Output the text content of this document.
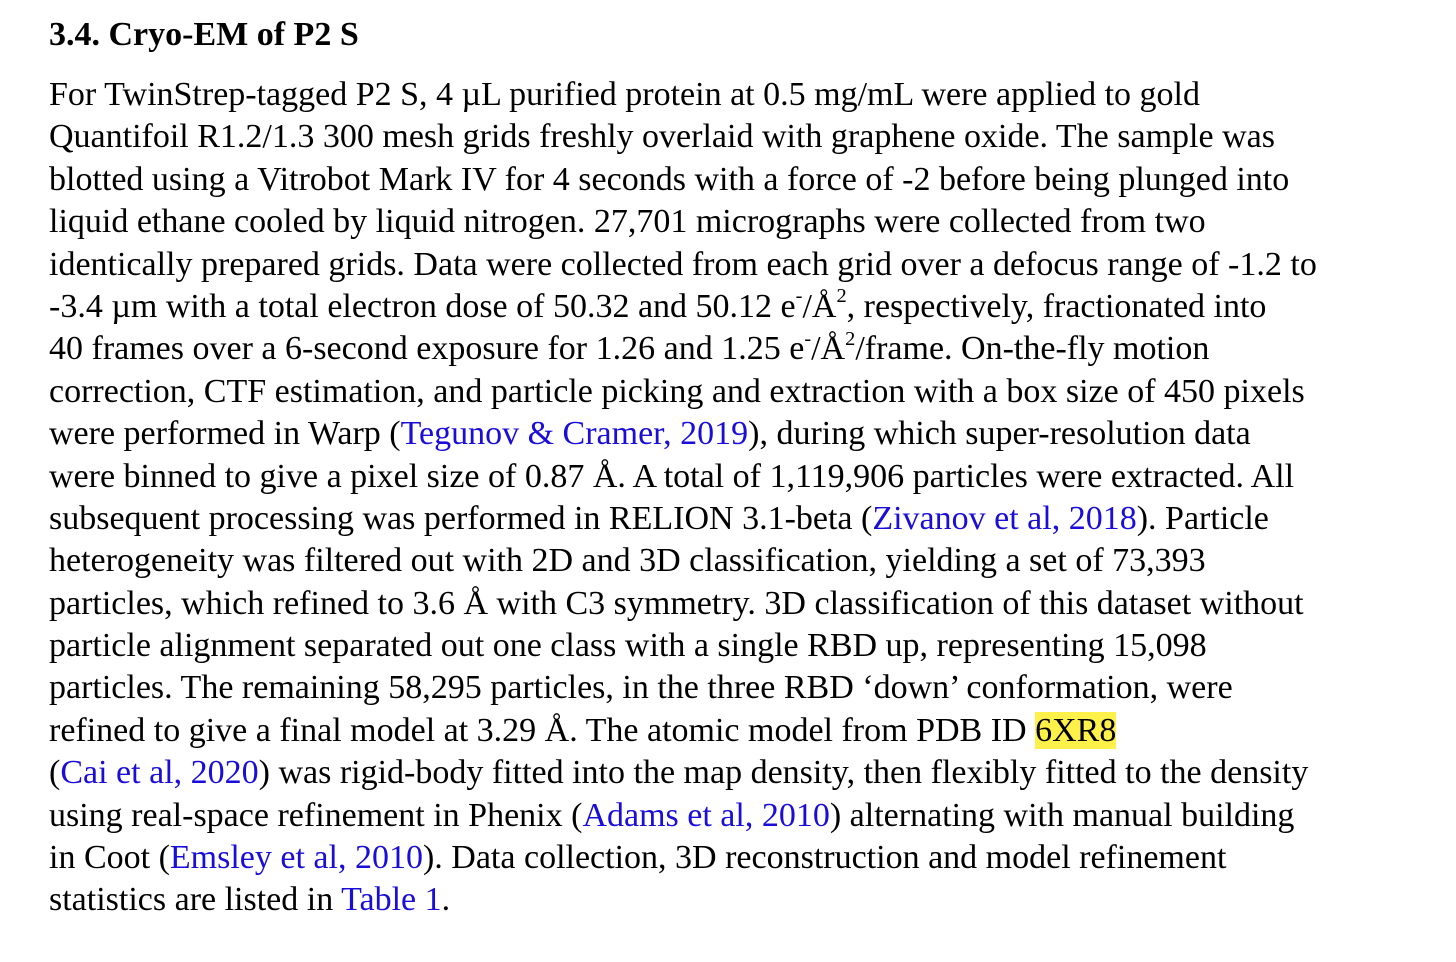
3.4. Cryo-EM of P2 S
For TwinStrep-tagged P2 S, 4 µL purified protein at 0.5 mg/mL were applied to gold
Quantifoil R1.2/1.3 300 mesh grids freshly overlaid with graphene oxide. The sample was
blotted using a Vitrobot Mark IV for 4 seconds with a force of -2 before being plunged into
liquid ethane cooled by liquid nitrogen. 27,701 micrographs were collected from two
identically prepared grids. Data were collected from each grid over a defocus range of -1.2 to
-3.4 µm with a total electron dose of 50.32 and 50.12 $e^-/Å^2$, respectively, fractionated into
40 frames over a 6-second exposure for 1.26 and 1.25 $e^-/Å^2$/frame. On-the-fly motion
correction, CTF estimation, and particle picking and extraction with a box size of 450 pixels
were performed in Warp (Tegunov & Cramer, 2019), during which super-resolution data
were binned to give a pixel size of 0.87 Å. A total of 1,119,906 particles were extracted. All
subsequent processing was performed in RELION 3.1-beta (Zivanov et al, 2018). Particle
heterogeneity was filtered out with 2D and 3D classification, yielding a set of 73,393
particles, which refined to 3.6 Å with C3 symmetry. 3D classification of this dataset without
particle alignment separated out one class with a single RBD up, representing 15,098
particles. The remaining 58,295 particles, in the three RBD ‘down’ conformation, were
refined to give a final model at 3.29 Å. The atomic model from PDB ID 6XR8
(Cai et al, 2020) was rigid-body fitted into the map density, then flexibly fitted to the density
using real-space refinement in Phenix (Adams et al, 2010) alternating with manual building
in Coot (Emsley et al, 2010). Data collection, 3D reconstruction and model refinement
statistics are listed in Table 1.
